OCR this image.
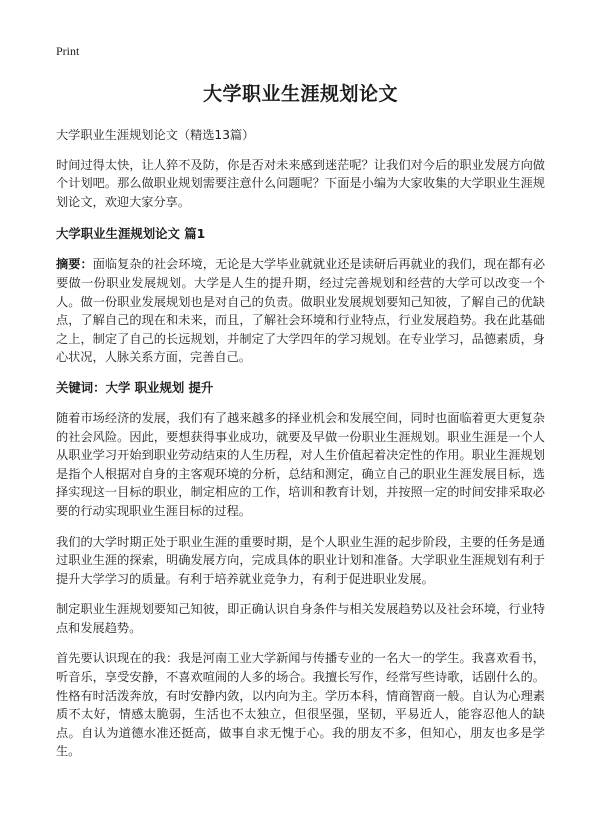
Print
大学职业生涯规划论文

大学职业生涯规划论文（精选13篇）

时间过得太快，让人猝不及防，你是否对未来感到迷茫呢？让我们对今后的职业发展方向做个计划吧。那么做职业规划需要注意什么问题呢？下面是小编为大家收集的大学职业生涯规划论文，欢迎大家分享。

大学职业生涯规划论文 篇1

摘要：面临复杂的社会环境，无论是大学毕业就就业还是读研后再就业的我们，现在都有必要做一份职业发展规划。大学是人生的提升期，经过完善规划和经营的大学可以改变一个人。做一份职业发展规划也是对自己的负责。做职业发展规划要知己知彼，了解自己的优缺点，了解自己的现在和未来，而且，了解社会环境和行业特点，行业发展趋势。我在此基础之上，制定了自己的长远规划，并制定了大学四年的学习规划。在专业学习，品德素质，身心状况，人脉关系方面，完善自己。

关键词：大学 职业规划 提升

随着市场经济的发展，我们有了越来越多的择业机会和发展空间，同时也面临着更大更复杂的社会风险。因此，要想获得事业成功，就要及早做一份职业生涯规划。职业生涯是一个人从职业学习开始到职业劳动结束的人生历程，对人生价值起着决定性的作用。职业生涯规划是指个人根据对自身的主客观环境的分析，总结和测定，确立自己的职业生涯发展目标，选择实现这一目标的职业，制定相应的工作，培训和教育计划，并按照一定的时间安排采取必要的行动实现职业生涯目标的过程。

我们的大学时期正处于职业生涯的重要时期，是个人职业生涯的起步阶段，主要的任务是通过职业生涯的探索，明确发展方向，完成具体的职业计划和准备。大学职业生涯规划有利于提升大学学习的质量。有利于培养就业竞争力，有利于促进职业发展。

制定职业生涯规划要知己知彼，即正确认识自身条件与相关发展趋势以及社会环境，行业特点和发展趋势。

首先要认识现在的我：我是河南工业大学新闻与传播专业的一名大一的学生。我喜欢看书，听音乐，享受安静，不喜欢喧闹的人多的场合。我擅长写作，经常写些诗歌，话剧什么的。性格有时活泼奔放，有时安静内敛，以内向为主。学历本科，情商智商一般。自认为心理素质不太好，情感太脆弱，生活也不太独立，但很坚强，坚韧，平易近人，能容忍他人的缺点。自认为道德水准还挺高，做事自求无愧于心。我的朋友不多，但知心，朋友也多是学生。
